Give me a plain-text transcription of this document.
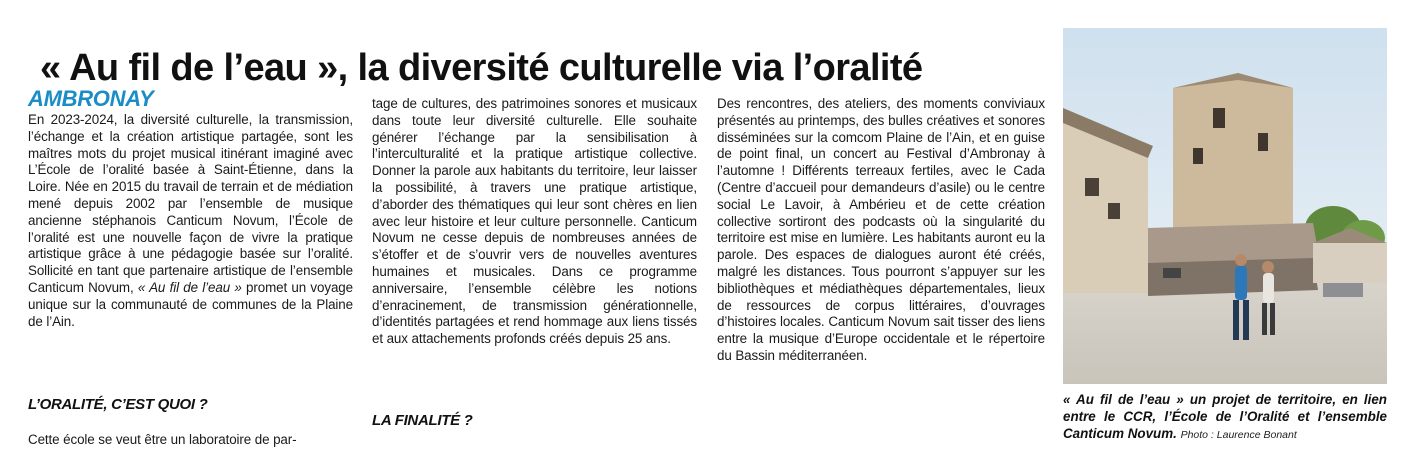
« Au fil de l’eau », la diversité culturelle via l’oralité
AMBRONAY

En 2023-2024, la diversité culturelle, la transmission, l’échange et la création artistique partagée, sont les maîtres mots du projet musical itinérant imaginé avec L’École de l’oralité basée à Saint-Étienne, dans la Loire. Née en 2015 du travail de terrain et de médiation mené depuis 2002 par l’ensemble de musique ancienne stéphanois Canticum Novum, l’École de l’oralité est une nouvelle façon de vivre la pratique artistique grâce à une pédagogie basée sur l’oralité. Sollicité en tant que partenaire artistique de l’ensemble Canticum Novum, « Au fil de l’eau » promet un voyage unique sur la communauté de communes de la Plaine de l’Ain.

L’ORALITÉ, C’EST QUOI ?

Cette école se veut être un laboratoire de par-

tage de cultures, des patrimoines sonores et musicaux dans toute leur diversité culturelle. Elle souhaite générer l’échange par la sensibilisation à l’interculturalité et la pratique artistique collective. Donner la parole aux habitants du territoire, leur laisser la possibilité, à travers une pratique artistique, d’aborder des thématiques qui leur sont chères en lien avec leur histoire et leur culture personnelle. Canticum Novum ne cesse depuis de nombreuses années de s’étoffer et de s’ouvrir vers de nouvelles aventures humaines et musicales. Dans ce programme anniversaire, l’ensemble célèbre les notions d’enracinement, de transmission générationnelle, d’identités partagées et rend hommage aux liens tissés et aux attachements profonds créés depuis 25 ans.

LA FINALITÉ ?

Des rencontres, des ateliers, des moments conviviaux présentés au printemps, des bulles créatives et sonores disséminées sur la comcom Plaine de l’Ain, et en guise de point final, un concert au Festival d’Ambronay à l’automne ! Différents terreaux fertiles, avec le Cada (Centre d’accueil pour demandeurs d’asile) ou le centre social Le Lavoir, à Ambérieu et de cette création collective sortiront des podcasts où la singularité du territoire est mise en lumière. Les habitants auront eu la parole. Des espaces de dialogues auront été créés, malgré les distances. Tous pourront s’appuyer sur les bibliothèques et médiathèques départementales, lieux de ressources de corpus littéraires, d’ouvrages d’histoires locales. Canticum Novum sait tisser des liens entre la musique d’Europe occidentale et le répertoire du Bassin méditerranéen.

« Au fil de l’eau » un projet de territoire, en lien entre le CCR, l’École de l’Oralité et l’ensemble Canticum Novum. Photo : Laurence Bonant
